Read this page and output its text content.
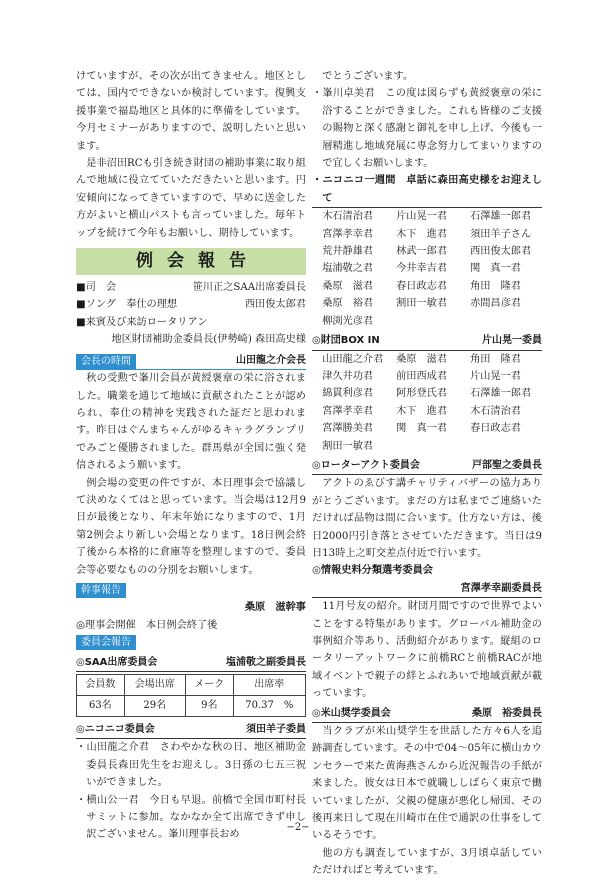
けていますが、その次が出てきません。地区としては、国内でできないか検討しています。復興支援事業で福島地区と具体的に準備をしています。今月セミナーがありますので、説明したいと思います。

是非沼田RCも引き続き財団の補助事業に取り組んで地域に役立てていただきたいと思います。円安傾向になってきていますので、早めに送金した方がよいと横山パストも言っていました。毎年トップを続けて今年もお願いし、期待しています。

例会報告
■司　会	笹川正之SAA出席委員長
■ソング　奉仕の理想	西田俊太郎君
■来賓及び来訪ロータリアン

地区財団補助金委員長(伊勢崎) 森田高史様

会長の時間	山田龍之介会長

秋の受勲で峯川会員が黄綬褒章の栄に浴されました。職業を通じて地域に貢献されたことが認められ、奉仕の精神を実践された証だと思われます。昨日はぐんまちゃんがゆるキャラグランプリでみごと優勝されました。群馬県が全国に強く発信されるよう願います。

例会場の変更の件ですが、本日理事会で協議して決めなくてはと思っています。当会場は12月9日が最後となり、年末年始になりますので、1月第2例会より新しい会場となります。18日例会終了後から本格的に倉庫等を整理しますので、委員会等必要なものの分別をお願いします。

幹事報告

桑原　滋幹事

◎理事会開催　本日例会終了後

委員会報告
◎SAA出席委員会	塩浦敬之副委員長
会員数	会場出席	メーク	出席率
63名	29名	9名	70.37　%
◎ニコニコ委員会	須田羊子委員

・山田龍之介君　さわやかな秋の日、地区補助金委員長森田先生をお迎えし。3日孫の七五三祝いができました。

・横山公一君　今日も早退。前橋で全国市町村長サミットに参加。なかなか全て出席できず申し訳ございません。峯川理事長おめ

でとうございます。

・峯川卓美君　この度は図らずも黄綬褒章の栄に浴することができました。これも皆様のご支援の賜物と深く感謝と御礼を申し上げ、今後も一層精進し地域発展に専念努力してまいりますので宜しくお願いします。

・ニコニコ一週間　卓話に森田高史様をお迎えして

木石清治君	片山晃一君	石澤雄一郎君
宮澤孝幸君	木下　進君	須田羊子さん
荒井静雄君	林武一郎君	西田俊太郎君
塩浦敬之君	今井幸吉君	関　真一君
桑原　滋君	春日政志君	角田　隆君
桑原　裕君	割田一敏君	赤間昌彦君
柳渕光彦君
◎財団BOX IN	片山晃一委員
山田龍之介君	桑原　滋君	角田　隆君
津久井功君	前田西成君	片山晃一君
綿貫利彦君	阿形登氏君	石澤雄一郎君
宮澤孝幸君	木下　進君	木石清治君
宮澤勝美君	関　真一君	春日政志君
割田一敏君
◎ローターアクト委員会	戸部聖之委員長

アクトのゑびす講チャリティバザーの協力ありがとうございます。まだの方は私までご連絡いただければ品物は間に合います。仕方ない方は、後日2000円引き落とさせていただきます。当日は9日13時上之町交差点付近で行います。

◎情報史料分類選考委員会

宮澤孝幸副委員長

11月号友の紹介。財団月間ですので世界でよいことをする特集があります。グローバル補助金の事例紹介等あり、活動紹介があります。縦組のロータリーアットワークに前橋RCと前橋RACが地域イベントで親子の絆とふれあいで地域貢献が載っています。

◎米山奨学委員会	桑原　裕委員長

当クラブが米山奨学生を世話した方々6人を追跡調査しています。その中で04～05年に横山カウンセラーで来た黄海燕さんから近況報告の手紙が来ました。彼女は日本で就職ししばらく東京で働いていましたが、父親の健康が悪化し帰国、その後再来日して現在川崎市在住で通訳の仕事をしているそうです。

他の方も調査していますが、3月頃卓話していただければと考えています。

−2−
